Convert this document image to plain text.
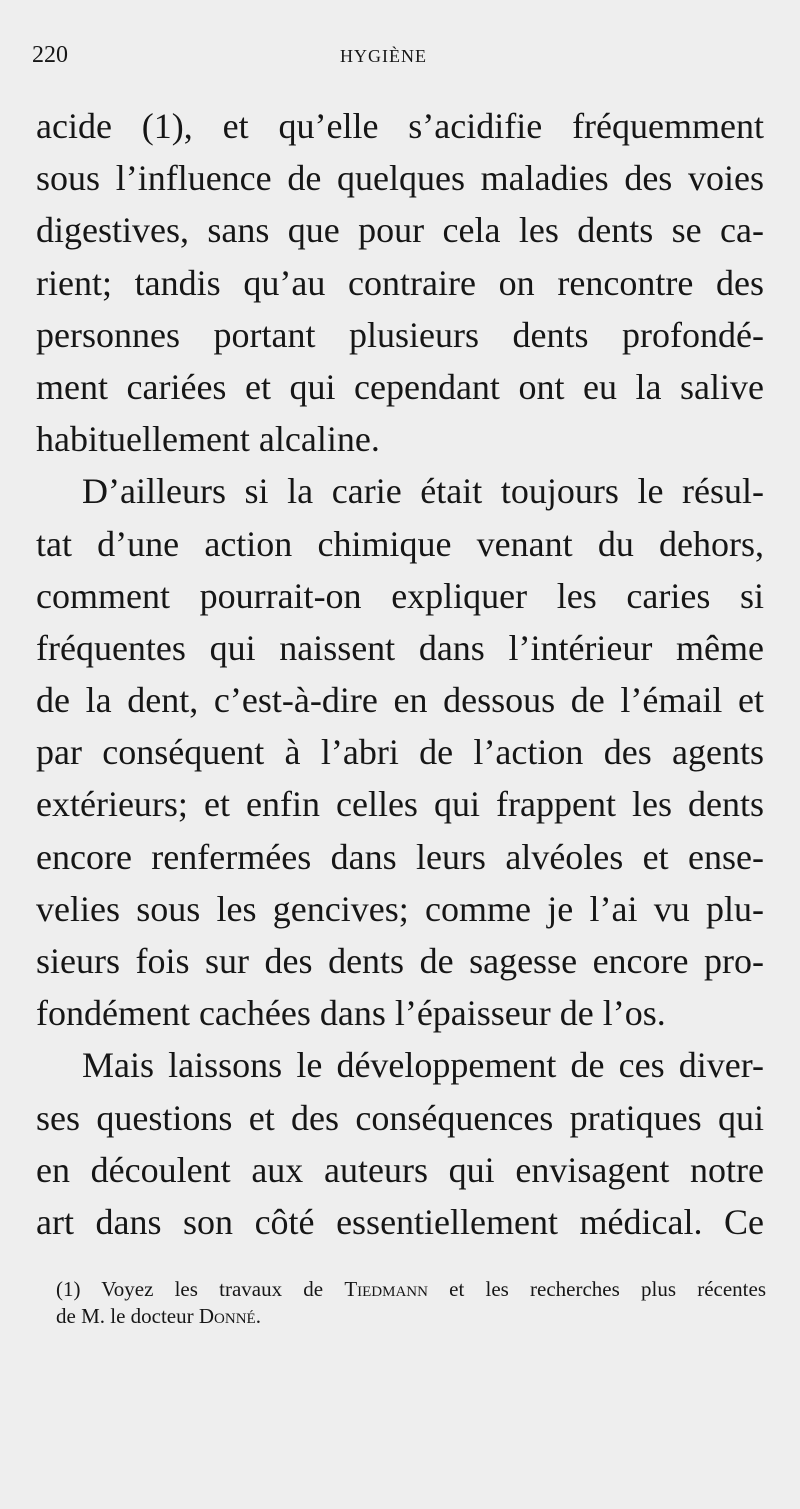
220	HYGIÈNE
acide (1), et qu’elle s’acidifie fréquemment
sous l’influence de quelques maladies des voies
digestives, sans que pour cela les dents se ca-
rient; tandis qu’au contraire on rencontre des
personnes portant plusieurs dents profondé-
ment cariées et qui cependant ont eu la salive
habituellement alcaline.
D’ailleurs si la carie était toujours le résul-
tat d’une action chimique venant du dehors,
comment pourrait-on expliquer les caries si
fréquentes qui naissent dans l’intérieur même
de la dent, c’est-à-dire en dessous de l’émail et
par conséquent à l’abri de l’action des agents
extérieurs; et enfin celles qui frappent les dents
encore renfermées dans leurs alvéoles et ense-
velies sous les gencives; comme je l’ai vu plu-
sieurs fois sur des dents de sagesse encore pro-
fondément cachées dans l’épaisseur de l’os.
Mais laissons le développement de ces diver-
ses questions et des conséquences pratiques qui
en découlent aux auteurs qui envisagent notre
art dans son côté essentiellement médical. Ce
(1) Voyez les travaux de Tiedmann et les recherches plus récentes
de M. le docteur Donné.
